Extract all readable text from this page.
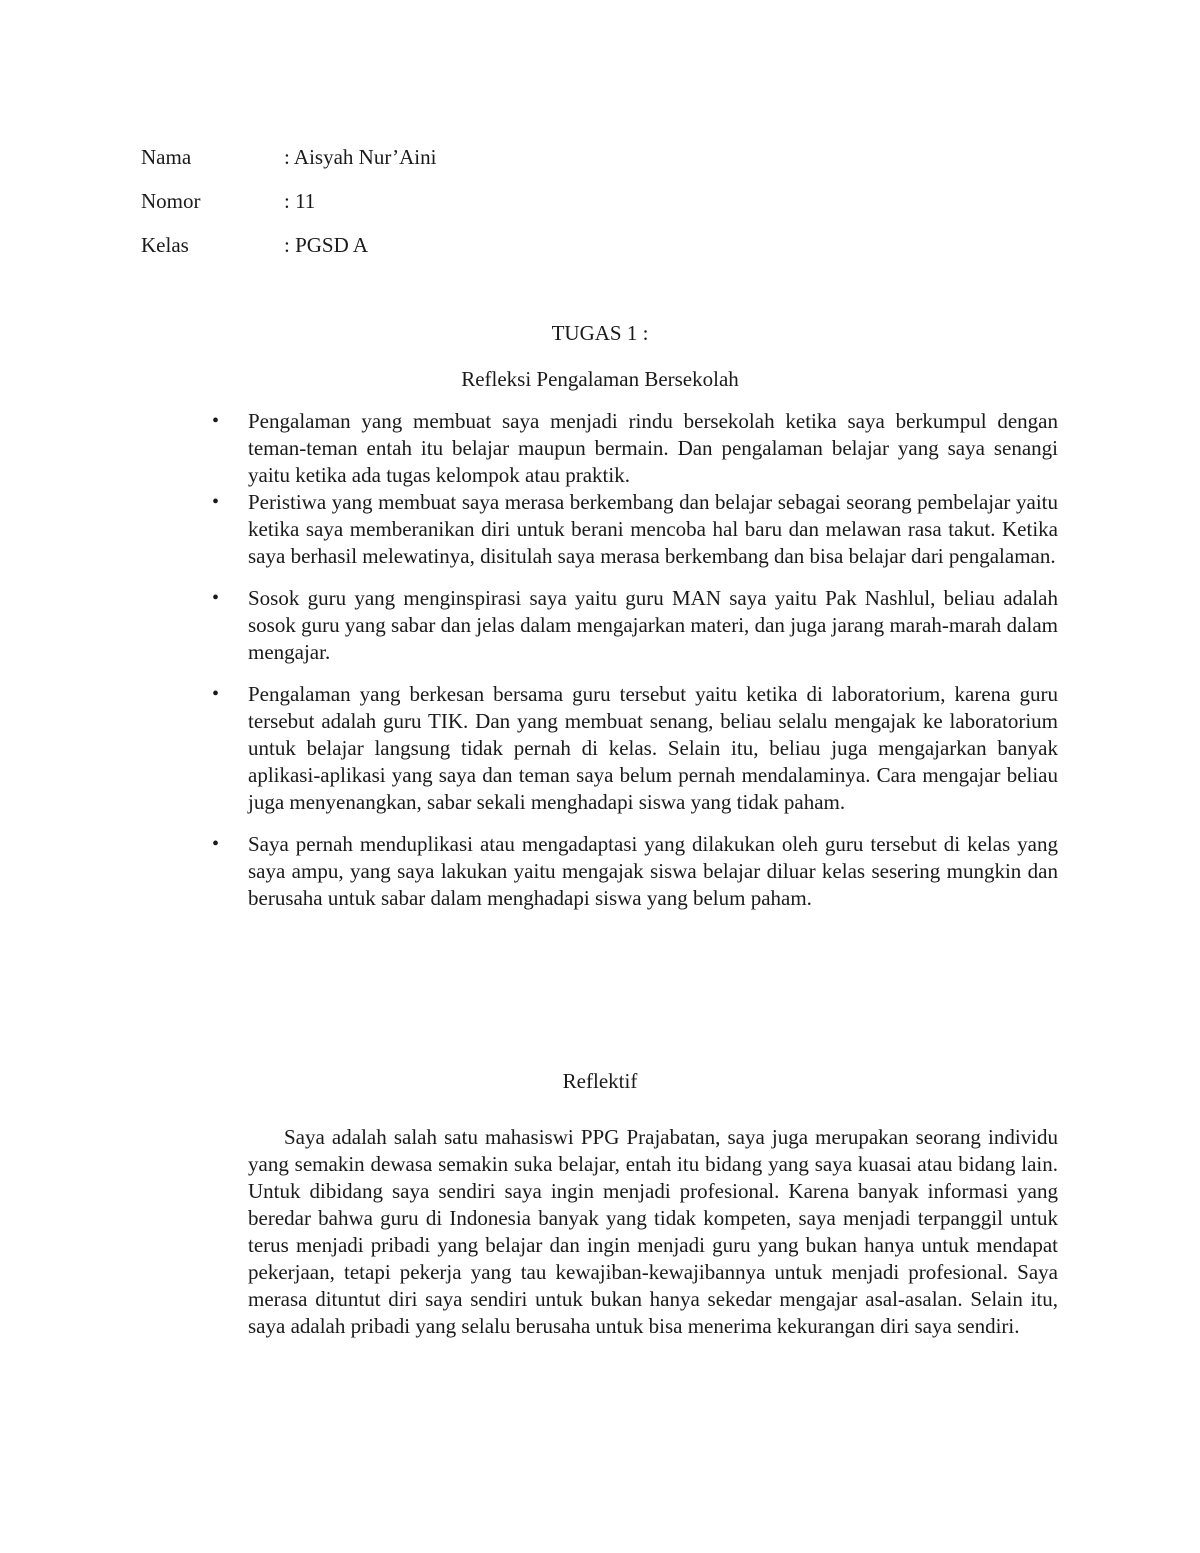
Nama	: Aisyah Nur’Aini
Nomor	: 11
Kelas	: PGSD A
TUGAS 1 :
Refleksi Pengalaman Bersekolah
• Pengalaman yang membuat saya menjadi rindu bersekolah ketika saya berkumpul dengan teman-teman entah itu belajar maupun bermain. Dan pengalaman belajar yang saya senangi yaitu ketika ada tugas kelompok atau praktik.
• Peristiwa yang membuat saya merasa berkembang dan belajar sebagai seorang pembelajar yaitu ketika saya memberanikan diri untuk berani mencoba hal baru dan melawan rasa takut. Ketika saya berhasil melewatinya, disitulah saya merasa berkembang dan bisa belajar dari pengalaman.
• Sosok guru yang menginspirasi saya yaitu guru MAN saya yaitu Pak Nashlul, beliau adalah sosok guru yang sabar dan jelas dalam mengajarkan materi, dan juga jarang marah-marah dalam mengajar.
• Pengalaman yang berkesan bersama guru tersebut yaitu ketika di laboratorium, karena guru tersebut adalah guru TIK. Dan yang membuat senang, beliau selalu mengajak ke laboratorium untuk belajar langsung tidak pernah di kelas. Selain itu, beliau juga mengajarkan banyak aplikasi-aplikasi yang saya dan teman saya belum pernah mendalaminya. Cara mengajar beliau juga menyenangkan, sabar sekali menghadapi siswa yang tidak paham.
• Saya pernah menduplikasi atau mengadaptasi yang dilakukan oleh guru tersebut di kelas yang saya ampu, yang saya lakukan yaitu mengajak siswa belajar diluar kelas sesering mungkin dan berusaha untuk sabar dalam menghadapi siswa yang belum paham.
Reflektif

Saya adalah salah satu mahasiswi PPG Prajabatan, saya juga merupakan seorang individu yang semakin dewasa semakin suka belajar, entah itu bidang yang saya kuasai atau bidang lain. Untuk dibidang saya sendiri saya ingin menjadi profesional. Karena banyak informasi yang beredar bahwa guru di Indonesia banyak yang tidak kompeten, saya menjadi terpanggil untuk terus menjadi pribadi yang belajar dan ingin menjadi guru yang bukan hanya untuk mendapat pekerjaan, tetapi pekerja yang tau kewajiban-kewajibannya untuk menjadi profesional. Saya merasa dituntut diri saya sendiri untuk bukan hanya sekedar mengajar asal-asalan. Selain itu, saya adalah pribadi yang selalu berusaha untuk bisa menerima kekurangan diri saya sendiri.
